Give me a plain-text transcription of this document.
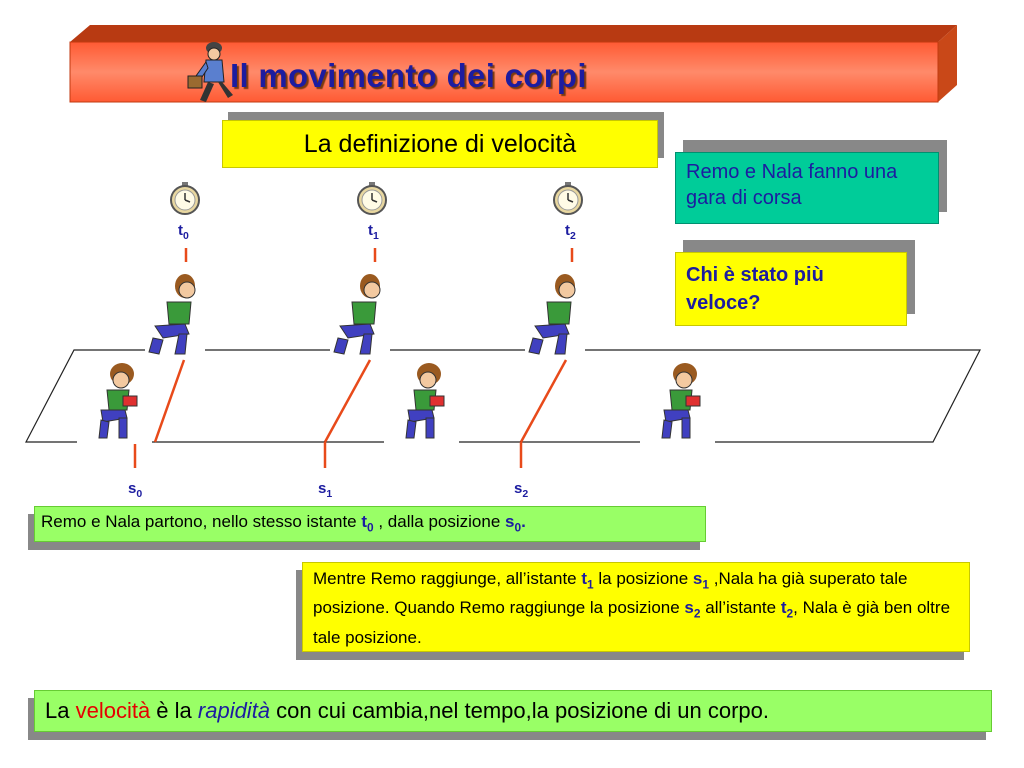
Il movimento dei corpi
La definizione di velocità
Remo e Nala fanno una gara di corsa
Chi è stato più veloce?
$t_0$	$t_1$	$t_2$
$s_0$	$s_1$	$s_2$
Remo e Nala partono, nello stesso istante $t_0$ , dalla posizione $s_0$.
Mentre Remo raggiunge, all’istante $t_1$ la posizione $s_1$ ,Nala ha già superato tale posizione. Quando Remo raggiunge la posizione $s_2$ all’istante $t_2$, Nala è già ben oltre tale posizione.
La velocità è la rapidità con cui cambia,nel tempo,la posizione di un corpo.
